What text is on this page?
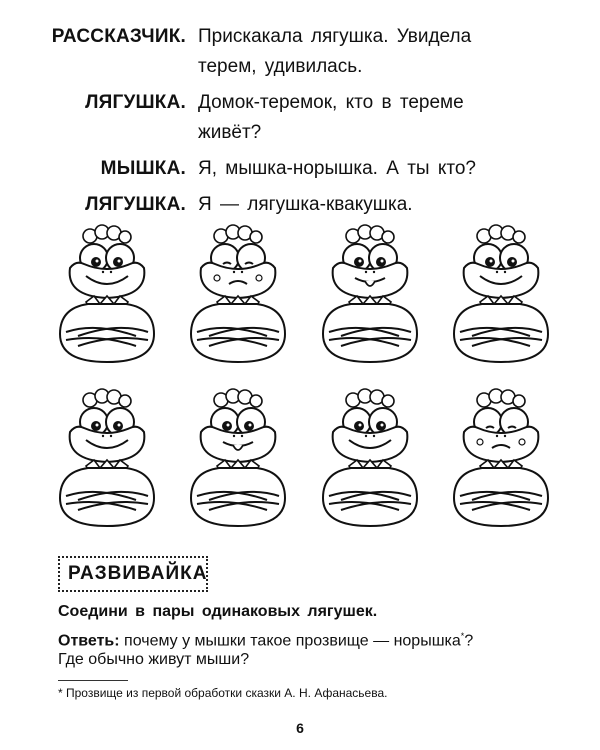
РАССКАЗЧИК. Прискакала лягушка. Увидела
терем, удивилась.
ЛЯГУШКА. Домок-теремок, кто в тереме
живёт?
МЫШКА. Я, мышка-норышка. А ты кто?
ЛЯГУШКА. Я — лягушка-квакушка.
РАЗВИВАЙКА
Соедини в пары одинаковых лягушек.
Ответь: почему у мышки такое прозвище — норышка*?
Где обычно живут мыши?
* Прозвище из первой обработки сказки А. Н. Афанасьева.
6
